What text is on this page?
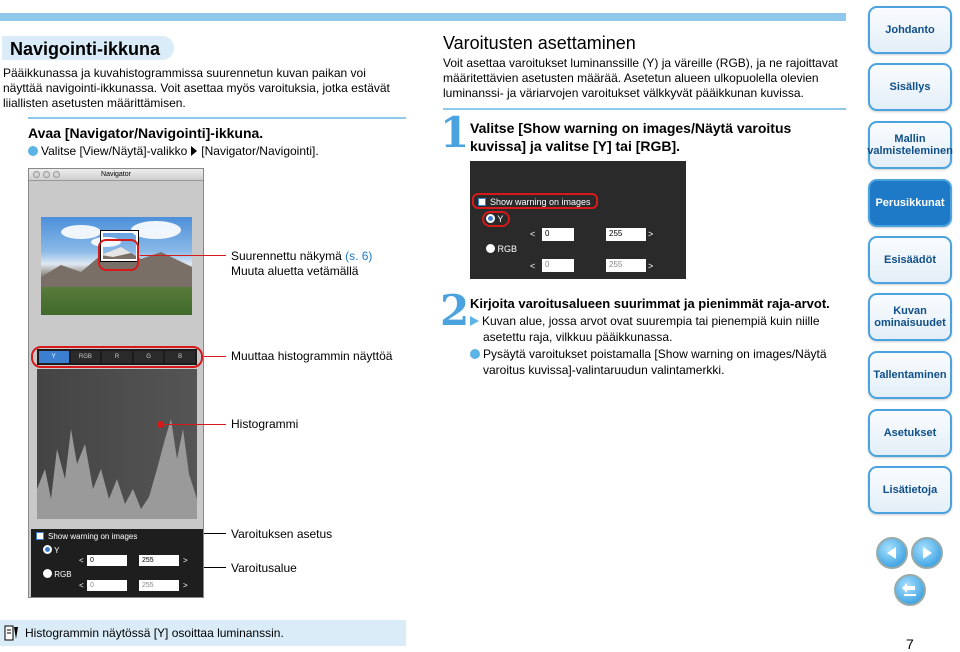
Navigointi-ikkuna
Pääikkunassa ja kuvahistogrammissa suurennetun kuvan paikan voi näyttää navigointi-ikkunassa. Voit asettaa myös varoituksia, jotka estävät liiallisten asetusten määrittämisen.
Avaa [Navigator/Navigointi]-ikkuna.
Valitse [View/Näytä]-valikko [Navigator/Navigointi].
Navigator
Y	RGB	R	G	B
Show warning on images
Y
RGB
< 0	255	>
< 0	255	>
Suurennettu näkymä (s. 6)
Muuta aluetta vetämällä
Muuttaa histogrammin näyttöä
Histogrammi
Varoituksen asetus
Varoitusalue
Varoitusten asettaminen
Voit asettaa varoitukset luminanssille (Y) ja väreille (RGB), ja ne rajoittavat määritettävien asetusten määrää. Asetetun alueen ulkopuolella olevien luminanssi- ja väriarvojen varoitukset välkkyvät pääikkunan kuvissa.
1 Valitse [Show warning on images/Näytä varoitus kuvissa] ja valitse [Y] tai [RGB].
Show warning on images
Y
RGB
<	0	255	>
<	0	255	>
2 Kirjoita varoitusalueen suurimmat ja pienimmät raja-arvot.
Kuvan alue, jossa arvot ovat suurempia tai pienempiä kuin niille asetettu raja, vilkkuu pääikkunassa.
Pysäytä varoitukset poistamalla [Show warning on images/Näytä varoitus kuvissa]-valintaruudun valintamerkki.
Johdanto
Sisällys
Mallin valmisteleminen
Perusikkunat
Esisäädöt
Kuvan ominaisuudet
Tallentaminen
Asetukset
Lisätietoja
Histogrammin näytössä [Y] osoittaa luminanssin.
7
